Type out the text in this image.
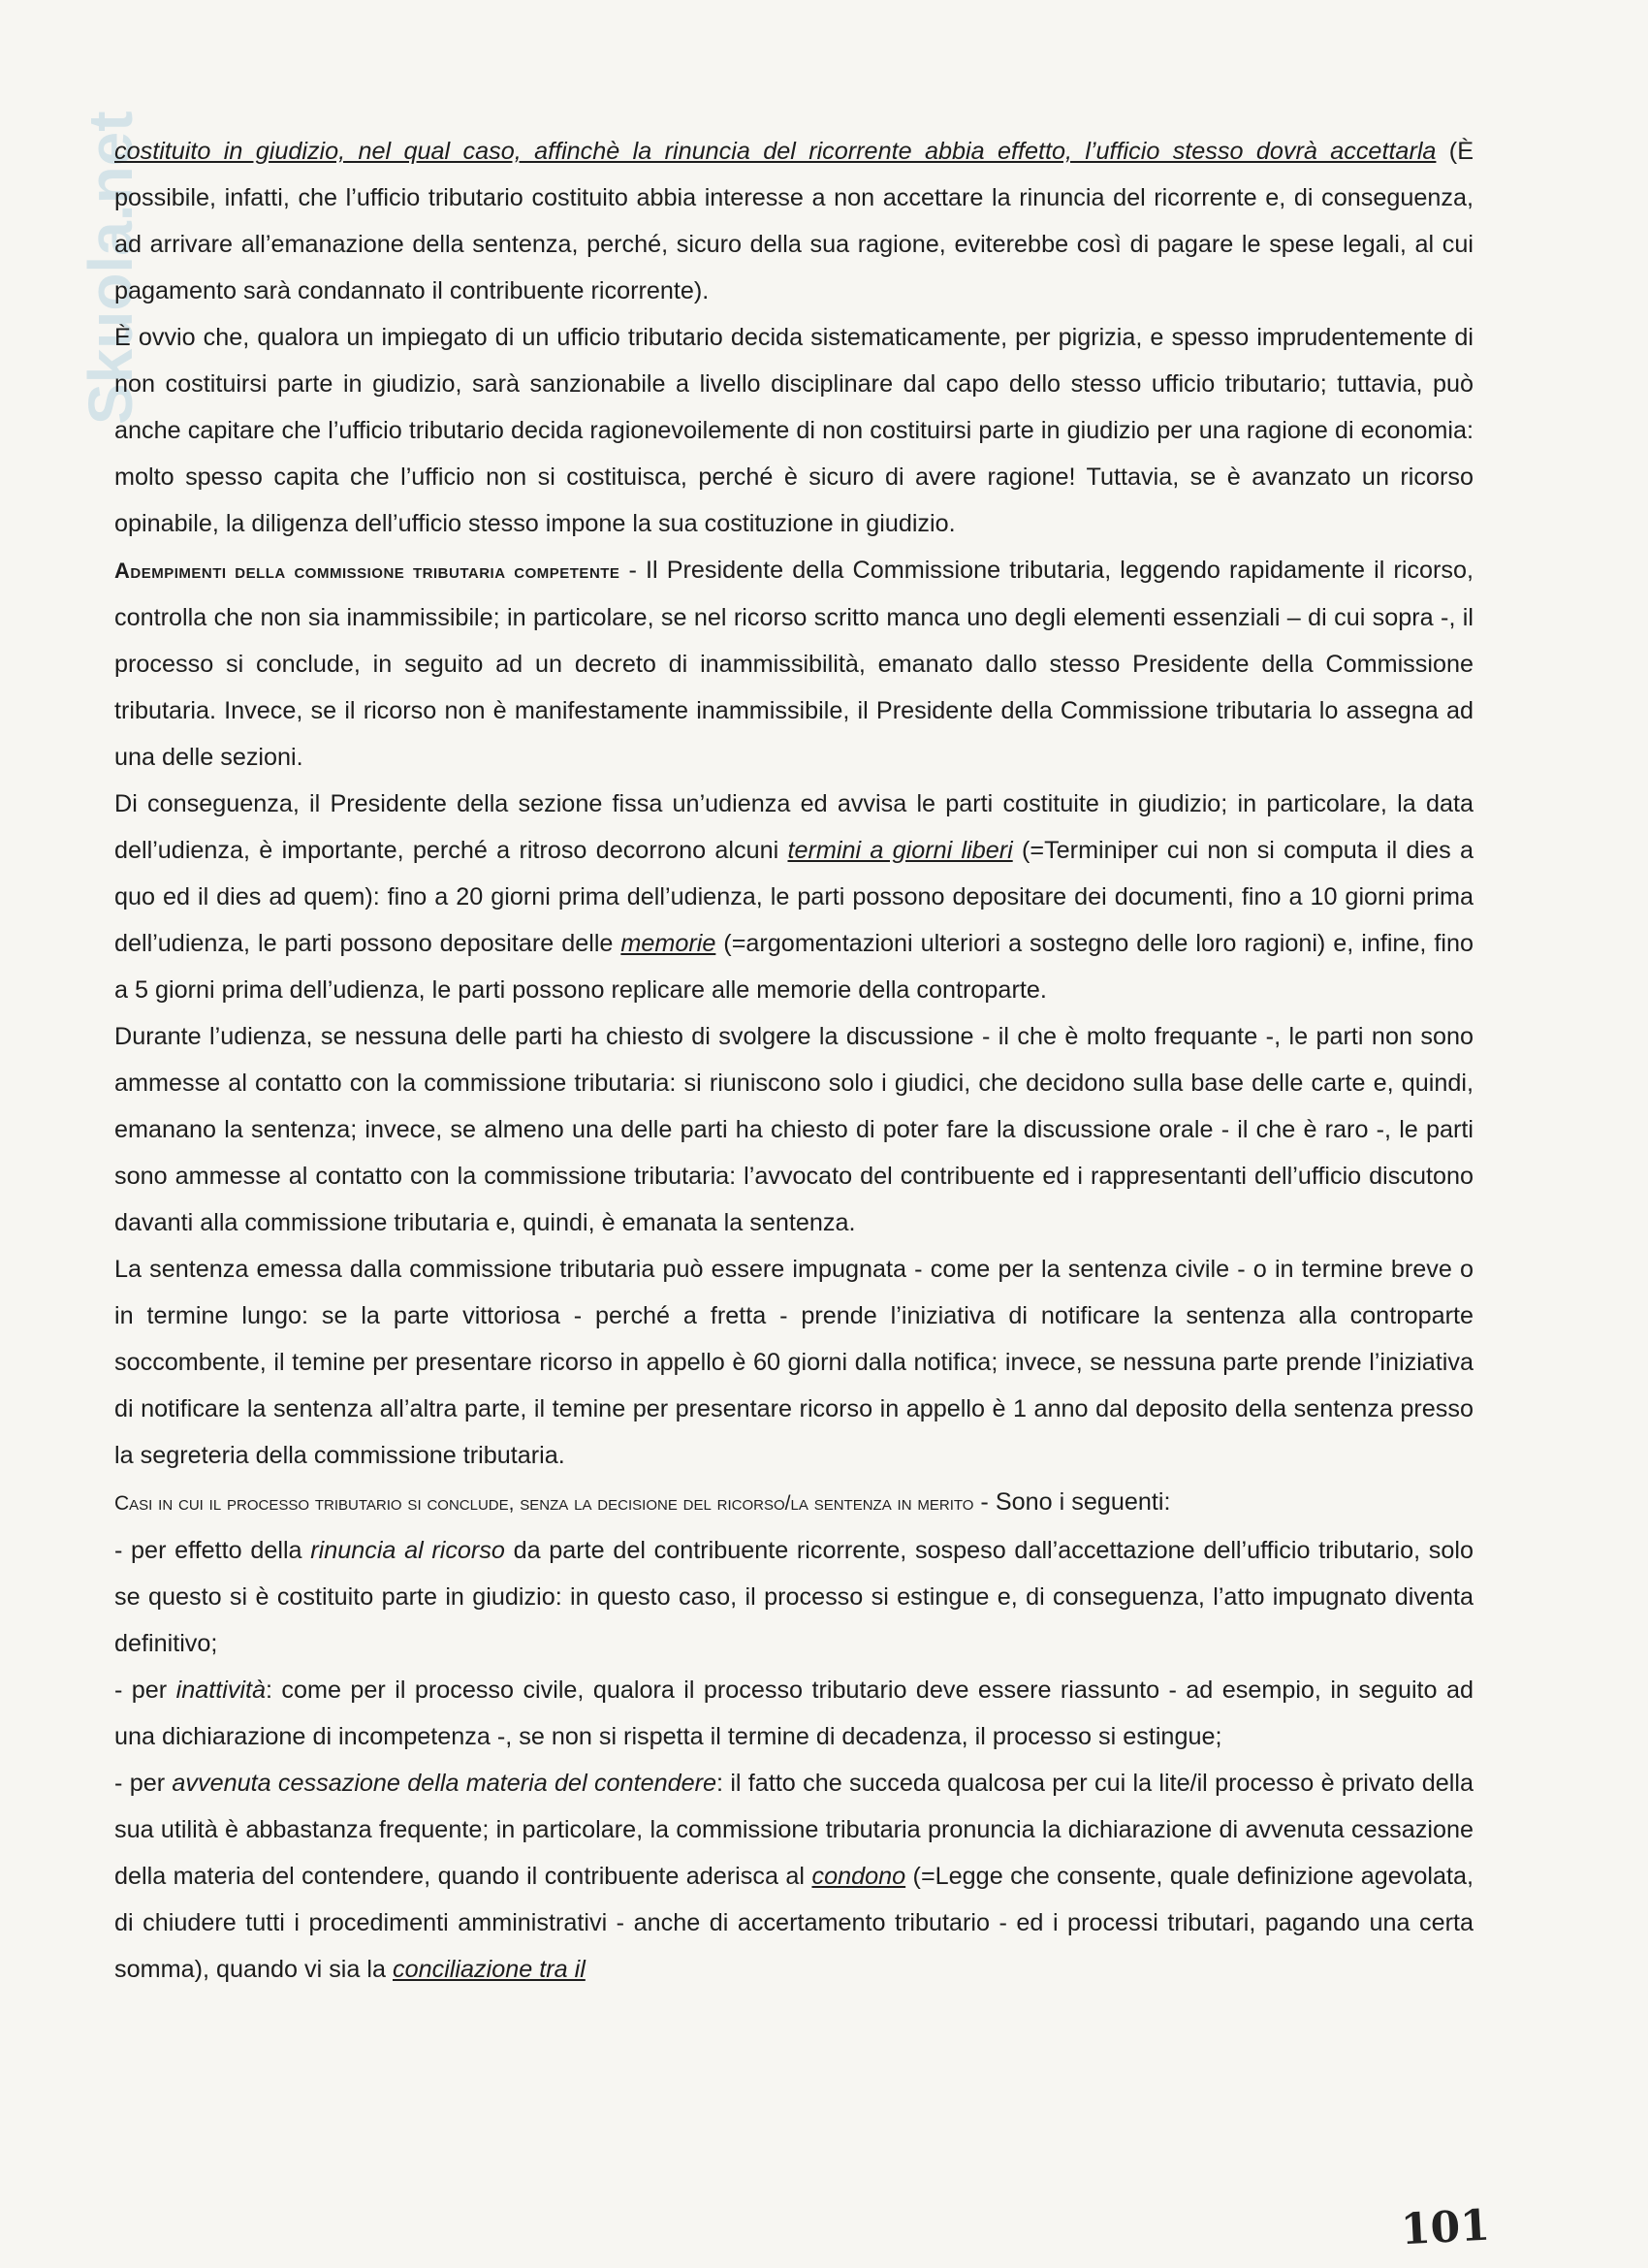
Skuola.net

costituito in giudizio, nel qual caso, affinchè la rinuncia del ricorrente abbia effetto, l’ufficio stesso dovrà accettarla (È possibile, infatti, che l’ufficio tributario costituito abbia interesse a non accettare la rinuncia del ricorrente e, di conseguenza, ad arrivare all’emanazione della sentenza, perché, sicuro della sua ragione, eviterebbe così di pagare le spese legali, al cui pagamento sarà condannato il contribuente ricorrente).

È ovvio che, qualora un impiegato di un ufficio tributario decida sistematicamente, per pigrizia, e spesso imprudentemente di non costituirsi parte in giudizio, sarà sanzionabile a livello disciplinare dal capo dello stesso ufficio tributario; tuttavia, può anche capitare che l’ufficio tributario decida ragionevoilemente di non costituirsi parte in giudizio per una ragione di economia: molto spesso capita che l’ufficio non si costituisca, perché è sicuro di avere ragione! Tuttavia, se è avanzato un ricorso opinabile, la diligenza dell’ufficio stesso impone la sua costituzione in giudizio.

Adempimenti della commissione tributaria competente - Il Presidente della Commissione tributaria, leggendo rapidamente il ricorso, controlla che non sia inammissibile; in particolare, se nel ricorso scritto manca uno degli elementi essenziali – di cui sopra -, il processo si conclude, in seguito ad un decreto di inammissibilità, emanato dallo stesso Presidente della Commissione tributaria. Invece, se il ricorso non è manifestamente inammissibile, il Presidente della Commissione tributaria lo assegna ad una delle sezioni.

Di conseguenza, il Presidente della sezione fissa un’udienza ed avvisa le parti costituite in giudizio; in particolare, la data dell’udienza, è importante, perché a ritroso decorrono alcuni termini a giorni liberi (=Terminiper cui non si computa il dies a quo ed il dies ad quem): fino a 20 giorni prima dell’udienza, le parti possono depositare dei documenti, fino a 10 giorni prima dell’udienza, le parti possono depositare delle memorie (=argomentazioni ulteriori a sostegno delle loro ragioni) e, infine, fino a 5 giorni prima dell’udienza, le parti possono replicare alle memorie della controparte.

Durante l’udienza, se nessuna delle parti ha chiesto di svolgere la discussione - il che è molto frequante -, le parti non sono ammesse al contatto con la commissione tributaria: si riuniscono solo i giudici, che decidono sulla base delle carte e, quindi, emanano la sentenza; invece, se almeno una delle parti ha chiesto di poter fare la discussione orale - il che è raro -, le parti sono ammesse al contatto con la commissione tributaria: l’avvocato del contribuente ed i rappresentanti dell’ufficio discutono davanti alla commissione tributaria e, quindi, è emanata la sentenza.

La sentenza emessa dalla commissione tributaria può essere impugnata - come per la sentenza civile - o in termine breve o in termine lungo: se la parte vittoriosa - perché a fretta - prende l’iniziativa di notificare la sentenza alla controparte soccombente, il temine per presentare ricorso in appello è 60 giorni dalla notifica; invece, se nessuna parte prende l’iniziativa di notificare la sentenza all’altra parte, il temine per presentare ricorso in appello è 1 anno dal deposito della sentenza presso la segreteria della commissione tributaria.

Casi in cui il processo tributario si conclude, senza la decisione del ricorso/la sentenza in merito - Sono i seguenti:

- per effetto della rinuncia al ricorso da parte del contribuente ricorrente, sospeso dall’accettazione dell’ufficio tributario, solo se questo si è costituito parte in giudizio: in questo caso, il processo si estingue e, di conseguenza, l’atto impugnato diventa definitivo;

- per inattività: come per il processo civile, qualora il processo tributario deve essere riassunto - ad esempio, in seguito ad una dichiarazione di incompetenza -, se non si rispetta il termine di decadenza, il processo si estingue;

- per avvenuta cessazione della materia del contendere: il fatto che succeda qualcosa per cui la lite/il processo è privato della sua utilità è abbastanza frequente; in particolare, la commissione tributaria pronuncia la dichiarazione di avvenuta cessazione della materia del contendere, quando il contribuente aderisca al condono (=Legge che consente, quale definizione agevolata, di chiudere tutti i procedimenti amministrativi - anche di accertamento tributario - ed i processi tributari, pagando una certa somma), quando vi sia la conciliazione tra il

101
